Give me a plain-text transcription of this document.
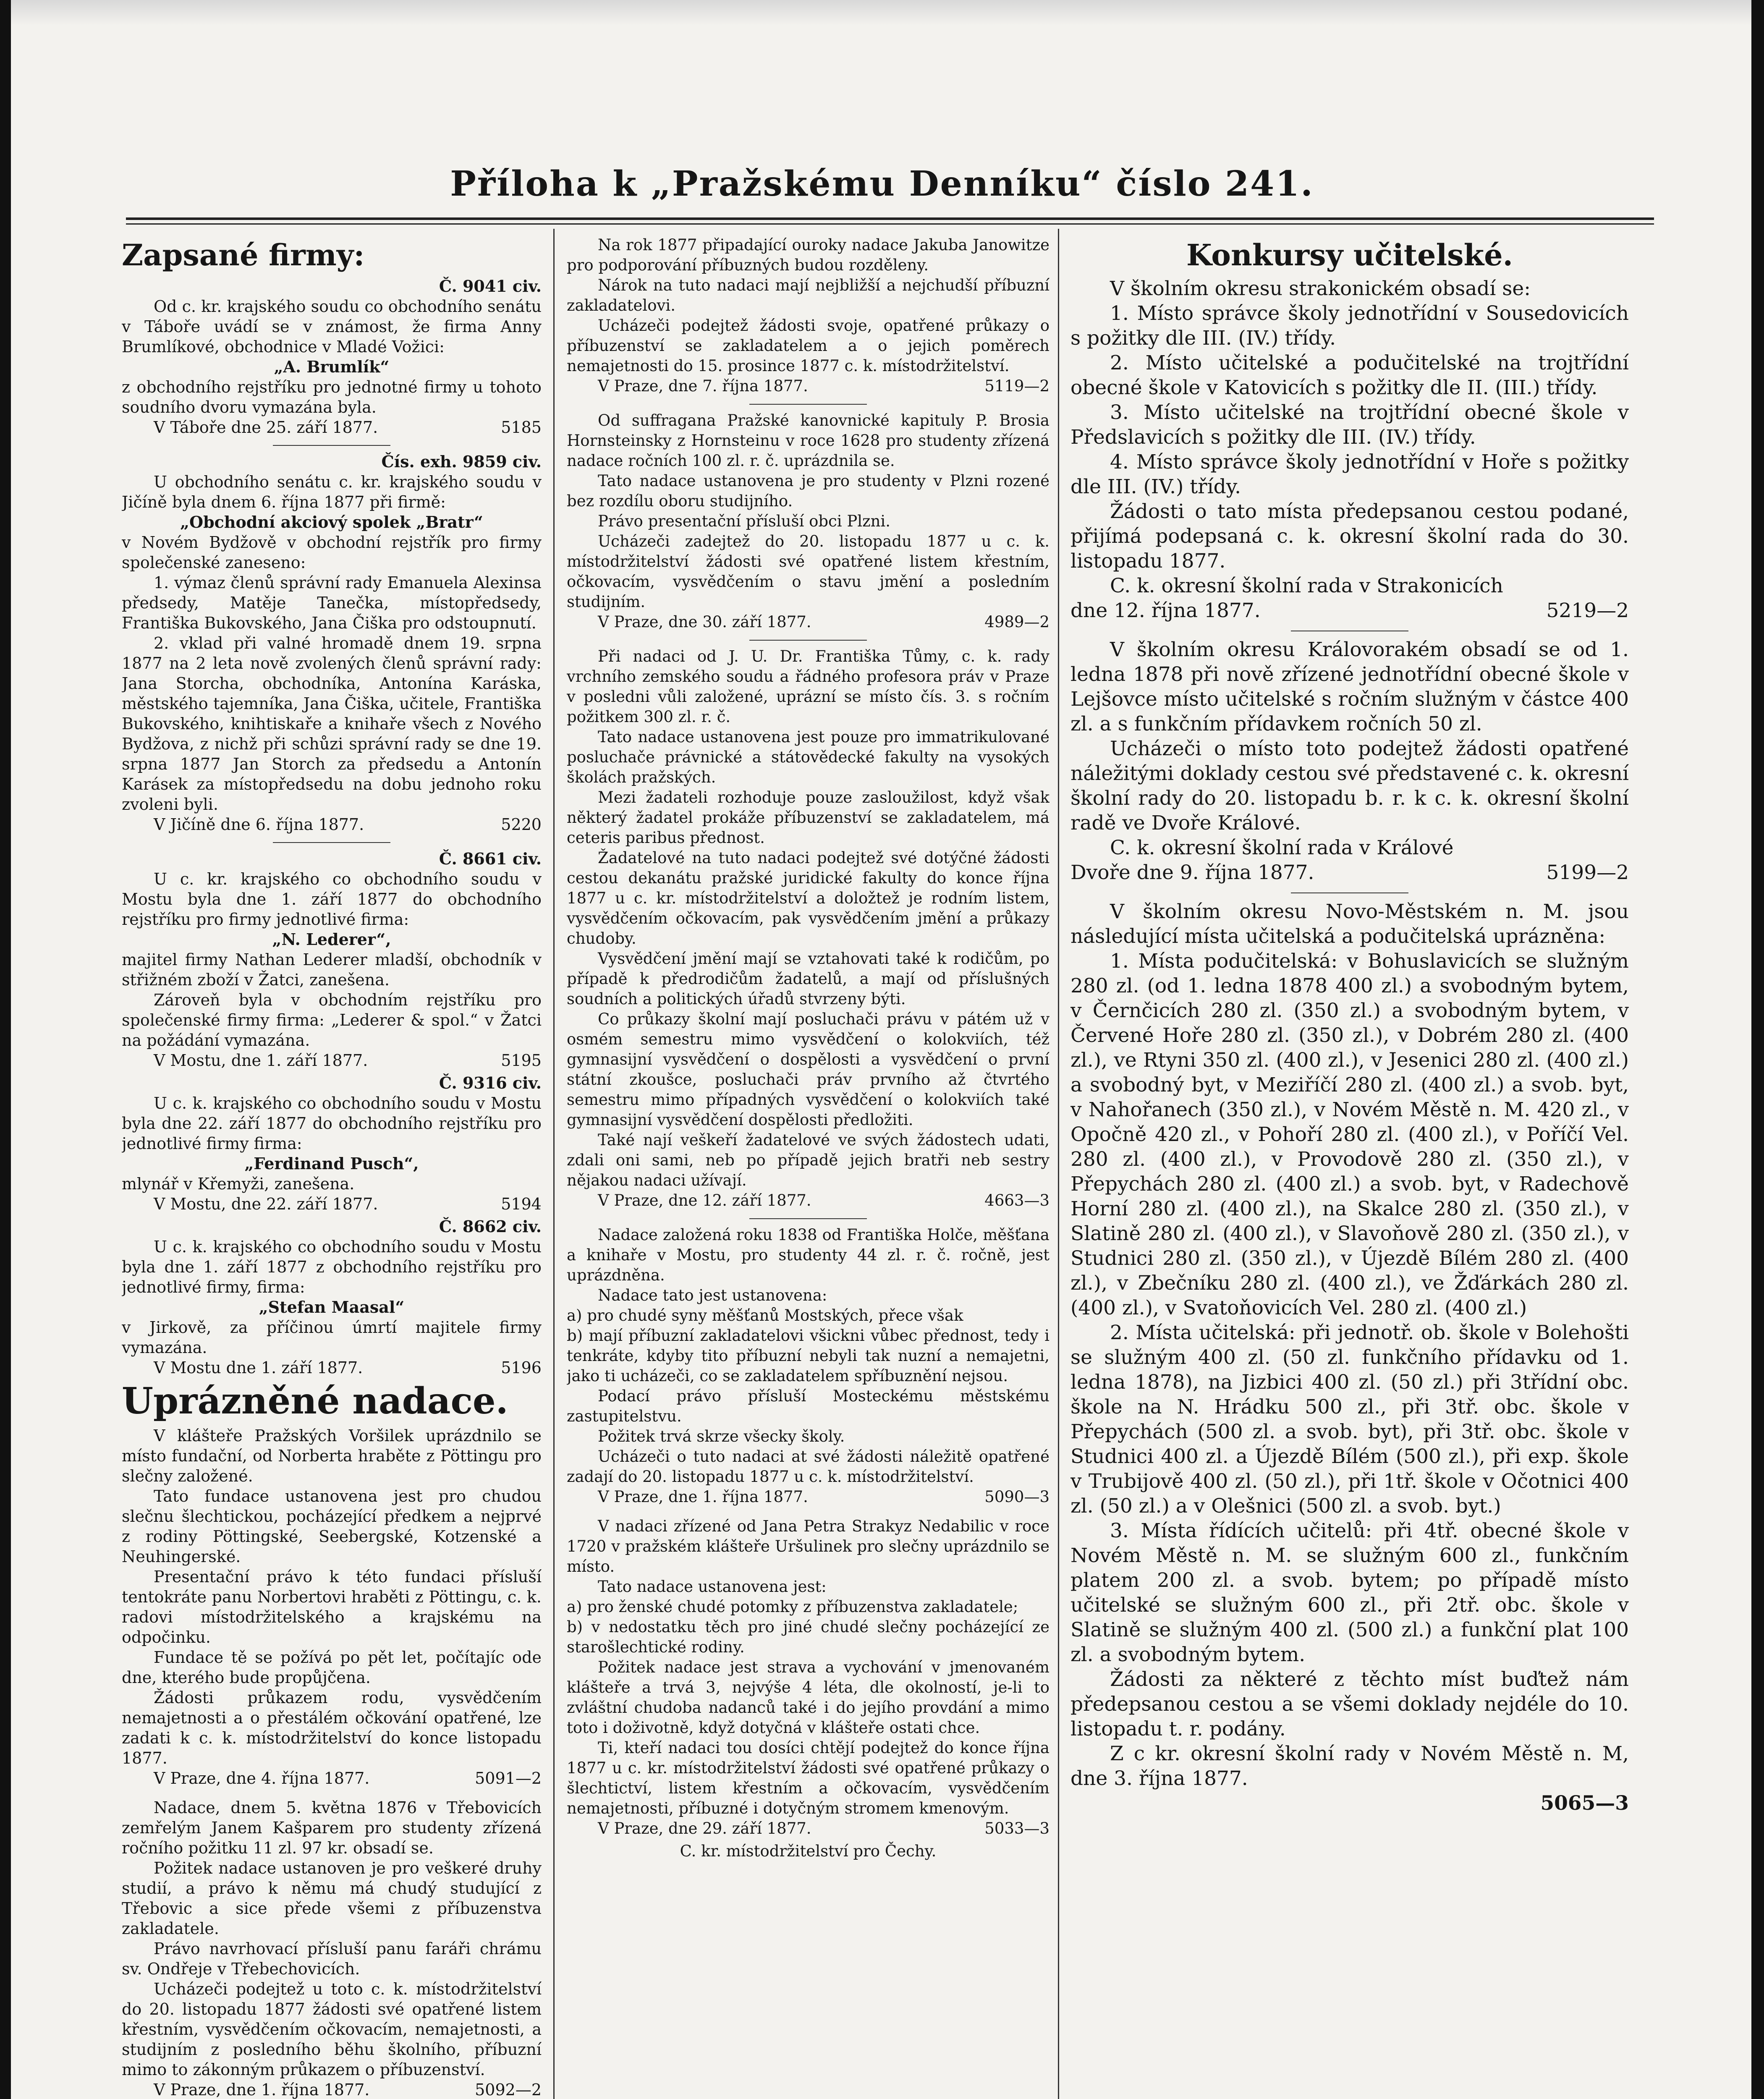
Příloha k „Pražskému Denníku“ číslo 241.
Zapsané firmy:

Č. 9041 civ.

Od c. kr. krajského soudu co obchodního senátu v Táboře uvádí se v známost, že firma Anny Brumlíkové, obchodnice v Mladé Vožici:

„A. Brumlík“

z obchodního rejstříku pro jednotné firmy u tohoto soudního dvoru vymazána byla.

V Táboře dne 25. září 1877.	5185

Čís. exh. 9859 civ.

U obchodního senátu c. kr. krajského soudu v Jičíně byla dnem 6. října 1877 při firmě:

„Obchodní akciový spolek „Bratr“

v Novém Bydžově v obchodní rejstřík pro firmy společenské zaneseno:

1. výmaz členů správní rady Emanuela Alexinsa předsedy, Matěje Tanečka, místopředsedy, Františka Bukovského, Jana Čiška pro odstoupnutí.

2. vklad při valné hromadě dnem 19. srpna 1877 na 2 leta nově zvolených členů správní rady: Jana Storcha, obchodníka, Antonína Karáska, městského tajemníka, Jana Čiška, učitele, Františka Bukovského, knihtiskaře a knihaře všech z Nového Bydžova, z nichž při schůzi správní rady se dne 19. srpna 1877 Jan Storch za předsedu a Antonín Karásek za místopředsedu na dobu jednoho roku zvoleni byli.

V Jičíně dne 6. října 1877.	5220

Č. 8661 civ.

U c. kr. krajského co obchodního soudu v Mostu byla dne 1. září 1877 do obchodního rejstříku pro firmy jednotlivé firma:

„N. Lederer“,

majitel firmy Nathan Lederer mladší, obchodník v střižném zboží v Žatci, zanešena.

Zároveň byla v obchodním rejstříku pro společenské firmy firma: „Lederer & spol.“ v Žatci na požádání vymazána.

V Mostu, dne 1. září 1877.	5195

Č. 9316 civ.

U c. k. krajského co obchodního soudu v Mostu byla dne 22. září 1877 do obchodního rejstříku pro jednotlivé firmy firma:

„Ferdinand Pusch“,

mlynář v Křemyži, zanešena.

V Mostu, dne 22. září 1877.	5194

Č. 8662 civ.

U c. k. krajského co obchodního soudu v Mostu byla dne 1. září 1877 z obchodního rejstříku pro jednotlivé firmy, firma:

„Stefan Maasal“

v Jirkově, za příčinou úmrtí majitele firmy vymazána.

V Mostu dne 1. září 1877.	5196
Uprázněné nadace.

V klášteře Pražských Voršilek uprázdnilo se místo fundační, od Norberta hraběte z Pöttingu pro slečny založené.

Tato fundace ustanovena jest pro chudou slečnu šlechtickou, pocházející předkem a nejprvé z rodiny Pöttingské, Seebergské, Kotzenské a Neuhingerské.

Presentační právo k této fundaci přísluší tentokráte panu Norbertovi hraběti z Pöttingu, c. k. radovi místodržitelského a krajskému na odpočinku.

Fundace tě se požívá po pět let, počítajíc ode dne, kterého bude propůjčena.

Žádosti průkazem rodu, vysvědčením nemajetnosti a o přestálém očkování opatřené, lze zadati k c. k. místodržitelství do konce listopadu 1877.

V Praze, dne 4. října 1877.	5091—2

Nadace, dnem 5. května 1876 v Třebovicích zemřelým Janem Kašparem pro studenty zřízená ročního požitku 11 zl. 97 kr. obsadí se.

Požitek nadace ustanoven je pro veškeré druhy studií, a právo k němu má chudý studující z Třebovic a sice přede všemi z příbuzenstva zakladatele.

Právo navrhovací přísluší panu faráři chrámu sv. Ondřeje v Třebechovicích.

Ucházeči podejtež u toto c. k. místodržitelství do 20. listopadu 1877 žádosti své opatřené listem křestním, vysvědčením očkovacím, nemajetnosti, a studijním z posledního běhu školního, příbuzní mimo to zákonným průkazem o příbuzenství.

V Praze, dne 1. října 1877.	5092—2

Na rok 1877 připadající ouroky nadace Jakuba Janowitze pro podporování příbuzných budou rozděleny.

Nárok na tuto nadaci mají nejbližší a nejchudší příbuzní zakladatelovi.

Ucházeči podejtež žádosti svoje, opatřené průkazy o příbuzenství se zakladatelem a o jejich poměrech nemajetnosti do 15. prosince 1877 c. k. místodržitelství.

V Praze, dne 7. října 1877.	5119—2

Od suffragana Pražské kanovnické kapituly P. Brosia Hornsteinsky z Hornsteinu v roce 1628 pro studenty zřízená nadace ročních 100 zl. r. č. uprázdnila se.

Tato nadace ustanovena je pro studenty v Plzni rozené bez rozdílu oboru studijního.

Právo presentační přísluší obci Plzni.

Ucházeči zadejtež do 20. listopadu 1877 u c. k. místodržitelství žádosti své opatřené listem křestním, očkovacím, vysvědčením o stavu jmění a posledním studijním.

V Praze, dne 30. září 1877.	4989—2

Při nadaci od J. U. Dr. Františka Tůmy, c. k. rady vrchního zemského soudu a řádného profesora práv v Praze v posledni vůli založené, uprázní se místo čís. 3. s ročním požitkem 300 zl. r. č.

Tato nadace ustanovena jest pouze pro immatrikulované posluchače právnické a státovědecké fakulty na vysokých školách pražských.

Mezi žadateli rozhoduje pouze zasloužilost, když však některý žadatel prokáže příbuzenství se zakladatelem, má ceteris paribus přednost.

Žadatelové na tuto nadaci podejtež své dotýčné žádosti cestou dekanátu pražské juridické fakulty do konce října 1877 u c. kr. místodržitelství a doložtež je rodním listem, vysvědčením očkovacím, pak vysvědčením jmění a průkazy chudoby.

Vysvědčení jmění mají se vztahovati také k rodičům, po případě k předrodičům žadatelů, a mají od příslušných soudních a politických úřadů stvrzeny býti.

Co průkazy školní mají posluchači právu v pátém už v osmém semestru mimo vysvědčení o kolokviích, též gymnasijní vysvědčení o dospělosti a vysvědčení o první státní zkoušce, posluchači práv prvního až čtvrtého semestru mimo případných vysvědčení o kolokviích také gymnasijní vysvědčení dospělosti předložiti.

Také nají veškeří žadatelové ve svých žádostech udati, zdali oni sami, neb po případě jejich bratři neb sestry nějakou nadaci užívají.

V Praze, dne 12. září 1877.	4663—3

Nadace založená roku 1838 od Františka Holče, měšťana a knihaře v Mostu, pro studenty 44 zl. r. č. ročně, jest uprázdněna.

Nadace tato jest ustanovena:

a) pro chudé syny měšťanů Mostských, přece však

b) mají příbuzní zakladatelovi všickni vůbec přednost, tedy i tenkráte, kdyby tito příbuzní nebyli tak nuzní a nemajetni, jako ti ucházeči, co se zakladatelem spříbuznění nejsou.

Podací právo přísluší Mosteckému městskému zastupitelstvu.

Požitek trvá skrze všecky školy.

Ucházeči o tuto nadaci at své žádosti náležitě opatřené zadají do 20. listopadu 1877 u c. k. místodržitelství.

V Praze, dne 1. října 1877.	5090—3

V nadaci zřízené od Jana Petra Strakyz Nedabilic v roce 1720 v pražském klášteře Uršulinek pro slečny uprázdnilo se místo.

Tato nadace ustanovena jest:

a) pro ženské chudé potomky z příbuzenstva zakladatele;

b) v nedostatku těch pro jiné chudé slečny pocházející ze starošlechtické rodiny.

Požitek nadace jest strava a vychování v jmenovaném klášteře a trvá 3, nejvýše 4 léta, dle okolností, je-li to zvláštní chudoba nadanců také i do jejího provdání a mimo toto i doživotně, když dotyčná v klášteře ostati chce.

Ti, kteří nadaci tou dosíci chtějí podejtež do konce října 1877 u c. kr. místodržitelství žádosti své opatřené průkazy o šlechtictví, listem křestním a očkovacím, vysvědčením nemajetnosti, příbuzné i dotyčným stromem kmenovým.

V Praze, dne 29. září 1877.	5033—3

C. kr. místodržitelství pro Čechy.

Konkursy učitelské.

V školním okresu strakonickém obsadí se:

1. Místo správce školy jednotřídní v Sousedovicích s požitky dle III. (IV.) třídy.

2. Místo učitelské a podučitelské na trojtřídní obecné škole v Katovicích s požitky dle II. (III.) třídy.

3. Místo učitelské na trojtřídní obecné škole v Předslavicích s požitky dle III. (IV.) třídy.

4. Místo správce školy jednotřídní v Hoře s požitky dle III. (IV.) třídy.

Žádosti o tato místa předepsanou cestou podané, přijímá podepsaná c. k. okresní školní rada do 30. listopadu 1877.

C. k. okresní školní rada v Strakonicích

dne 12. října 1877.	5219—2

V školním okresu Královorakém obsadí se od 1. ledna 1878 při nově zřízené jednotřídní obecné škole v Lejšovce místo učitelské s ročním služným v částce 400 zl. a s funkčním přídavkem ročních 50 zl.

Ucházeči o místo toto podejtež žádosti opatřené náležitými doklady cestou své představené c. k. okresní školní rady do 20. listopadu b. r. k c. k. okresní školní radě ve Dvoře Králové.

C. k. okresní školní rada v Králové

Dvoře dne 9. října 1877.	5199—2

V školním okresu Novo-Městském n. M. jsou následující místa učitelská a podučitelská uprázněna:

1. Místa podučitelská: v Bohuslavicích se služným 280 zl. (od 1. ledna 1878 400 zl.) a svobodným bytem, v Černčicích 280 zl. (350 zl.) a svobodným bytem, v Červené Hoře 280 zl. (350 zl.), v Dobrém 280 zl. (400 zl.), ve Rtyni 350 zl. (400 zl.), v Jesenici 280 zl. (400 zl.) a svobodný byt, v Meziříčí 280 zl. (400 zl.) a svob. byt, v Nahořanech (350 zl.), v Novém Městě n. M. 420 zl., v Opočně 420 zl., v Pohoří 280 zl. (400 zl.), v Poříčí Vel. 280 zl. (400 zl.), v Provodově 280 zl. (350 zl.), v Přepychách 280 zl. (400 zl.) a svob. byt, v Radechově Horní 280 zl. (400 zl.), na Skalce 280 zl. (350 zl.), v Slatině 280 zl. (400 zl.), v Slavoňově 280 zl. (350 zl.), v Studnici 280 zl. (350 zl.), v Újezdě Bílém 280 zl. (400 zl.), v Zbečníku 280 zl. (400 zl.), ve Žďárkách 280 zl. (400 zl.), v Svatoňovicích Vel. 280 zl. (400 zl.)

2. Místa učitelská: při jednotř. ob. škole v Bolehošti se služným 400 zl. (50 zl. funkčního přídavku od 1. ledna 1878), na Jizbici 400 zl. (50 zl.) při 3třídní obc. škole na N. Hrádku 500 zl., při 3tř. obc. škole v Přepychách (500 zl. a svob. byt), při 3tř. obc. škole v Studnici 400 zl. a Újezdě Bílém (500 zl.), při exp. škole v Trubijově 400 zl. (50 zl.), při 1tř. škole v Očotnici 400 zl. (50 zl.) a v Olešnici (500 zl. a svob. byt.)

3. Místa řídících učitelů: při 4tř. obecné škole v Novém Městě n. M. se služným 600 zl., funkčním platem 200 zl. a svob. bytem; po případě místo učitelské se služným 600 zl., při 2tř. obc. škole v Slatině se služným 400 zl. (500 zl.) a funkční plat 100 zl. a svobodným bytem.

Žádosti za některé z těchto míst buďtež nám předepsanou cestou a se všemi doklady nejdéle do 10. listopadu t. r. podány.

Z c kr. okresní školní rady v Novém Městě n. M, dne 3. října 1877.

5065—3
